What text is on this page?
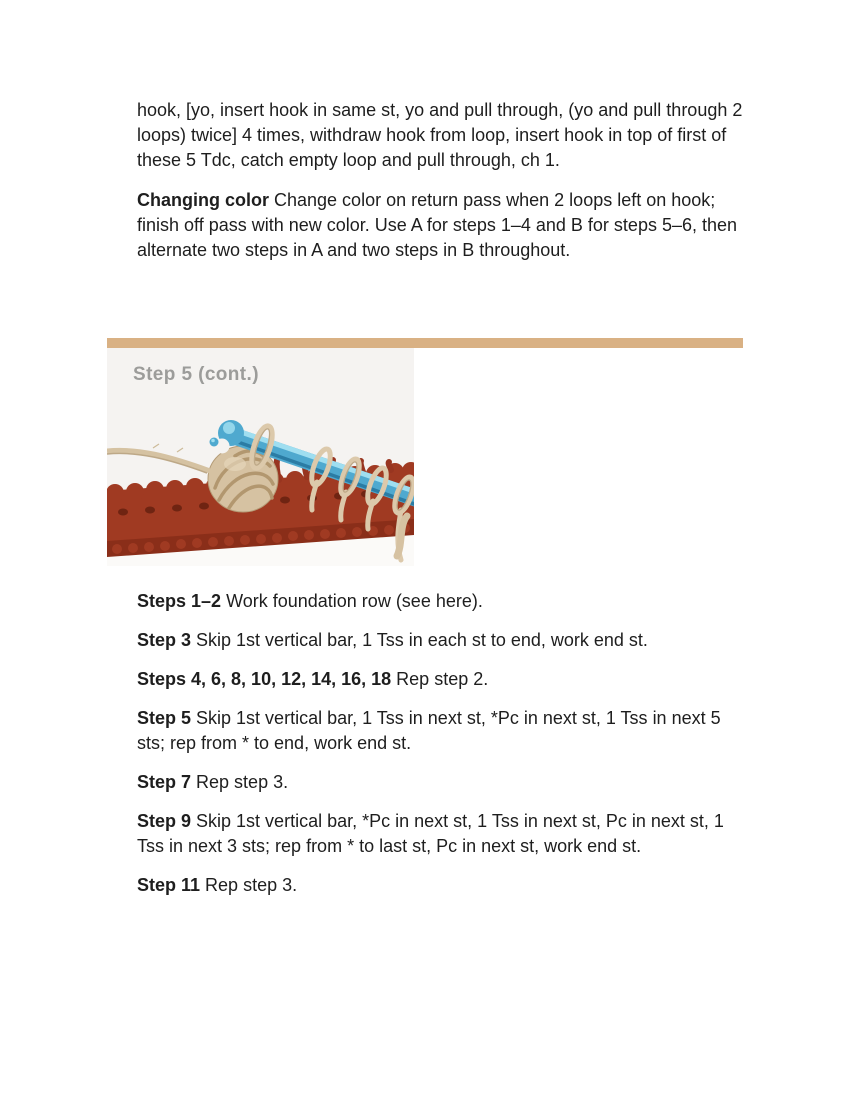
hook, [yo, insert hook in same st, yo and pull through, (yo and pull through 2 loops) twice] 4 times, withdraw hook from loop, insert hook in top of first of these 5 Tdc, catch empty loop and pull through, ch 1.

Changing color Change color on return pass when 2 loops left on hook; finish off pass with new color. Use A for steps 1–4 and B for steps 5–6, then alternate two steps in A and two steps in B throughout.

Step 5 (cont.)

Steps 1–2 Work foundation row (see here).

Step 3 Skip 1st vertical bar, 1 Tss in each st to end, work end st.

Steps 4, 6, 8, 10, 12, 14, 16, 18 Rep step 2.

Step 5 Skip 1st vertical bar, 1 Tss in next st, *Pc in next st, 1 Tss in next 5 sts; rep from * to end, work end st.

Step 7 Rep step 3.

Step 9 Skip 1st vertical bar, *Pc in next st, 1 Tss in next st, Pc in next st, 1 Tss in next 3 sts; rep from * to last st, Pc in next st, work end st.

Step 11 Rep step 3.
